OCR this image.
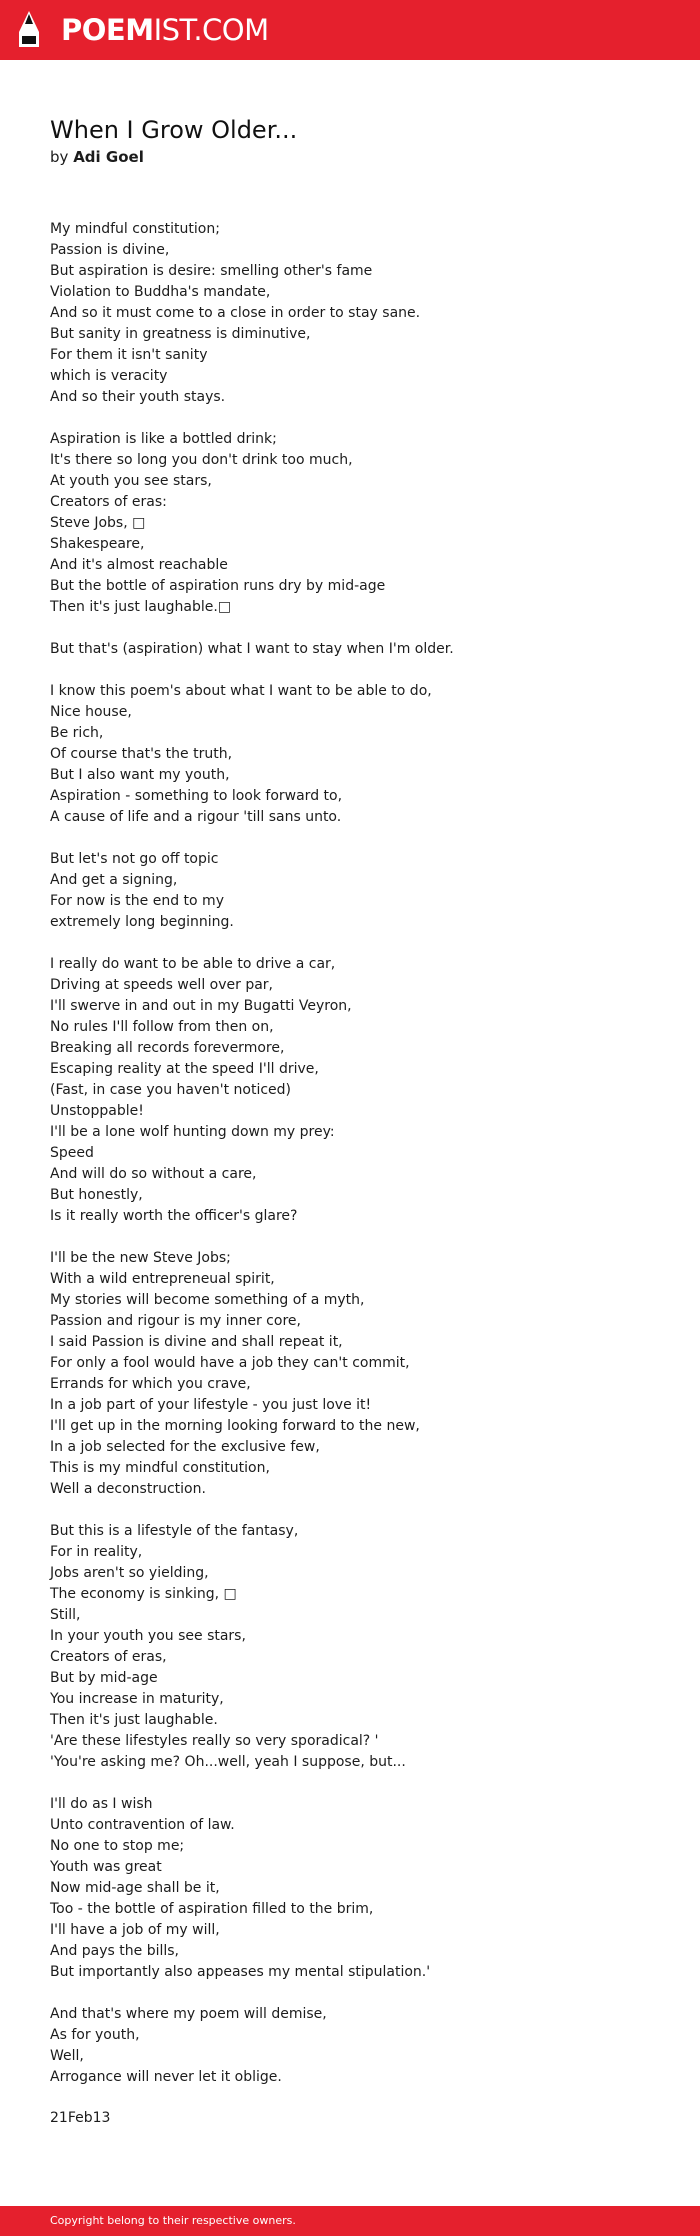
POEMIST.COM
When I Grow Older...
by Adi Goel
My mindful constitution;
Passion is divine,
But aspiration is desire: smelling other's fame
Violation to Buddha's mandate,
And so it must come to a close in order to stay sane.
But sanity in greatness is diminutive,
For them it isn't sanity
which is veracity
And so their youth stays.
Aspiration is like a bottled drink;
It's there so long you don't drink too much,
At youth you see stars,
Creators of eras:
Steve Jobs, □
Shakespeare,
And it's almost reachable
But the bottle of aspiration runs dry by mid-age
Then it's just laughable.□
But that's (aspiration) what I want to stay when I'm older.
I know this poem's about what I want to be able to do,
Nice house,
Be rich,
Of course that's the truth,
But I also want my youth,
Aspiration - something to look forward to,
A cause of life and a rigour 'till sans unto.
But let's not go off topic
And get a signing,
For now is the end to my
extremely long beginning.
I really do want to be able to drive a car,
Driving at speeds well over par,
I'll swerve in and out in my Bugatti Veyron,
No rules I'll follow from then on,
Breaking all records forevermore,
Escaping reality at the speed I'll drive,
(Fast, in case you haven't noticed)
Unstoppable!
I'll be a lone wolf hunting down my prey:
Speed
And will do so without a care,
But honestly,
Is it really worth the officer's glare?
I'll be the new Steve Jobs;
With a wild entrepreneual spirit,
My stories will become something of a myth,
Passion and rigour is my inner core,
I said Passion is divine and shall repeat it,
For only a fool would have a job they can't commit,
Errands for which you crave,
In a job part of your lifestyle - you just love it!
I'll get up in the morning looking forward to the new,
In a job selected for the exclusive few,
This is my mindful constitution,
Well a deconstruction.
But this is a lifestyle of the fantasy,
For in reality,
Jobs aren't so yielding,
The economy is sinking, □
Still,
In your youth you see stars,
Creators of eras,
But by mid-age
You increase in maturity,
Then it's just laughable.
'Are these lifestyles really so very sporadical? '
'You're asking me? Oh...well, yeah I suppose, but...
I'll do as I wish
Unto contravention of law.
No one to stop me;
Youth was great
Now mid-age shall be it,
Too - the bottle of aspiration filled to the brim,
I'll have a job of my will,
And pays the bills,
But importantly also appeases my mental stipulation.'
And that's where my poem will demise,
As for youth,
Well,
Arrogance will never let it oblige.
21Feb13
Copyright belong to their respective owners.
